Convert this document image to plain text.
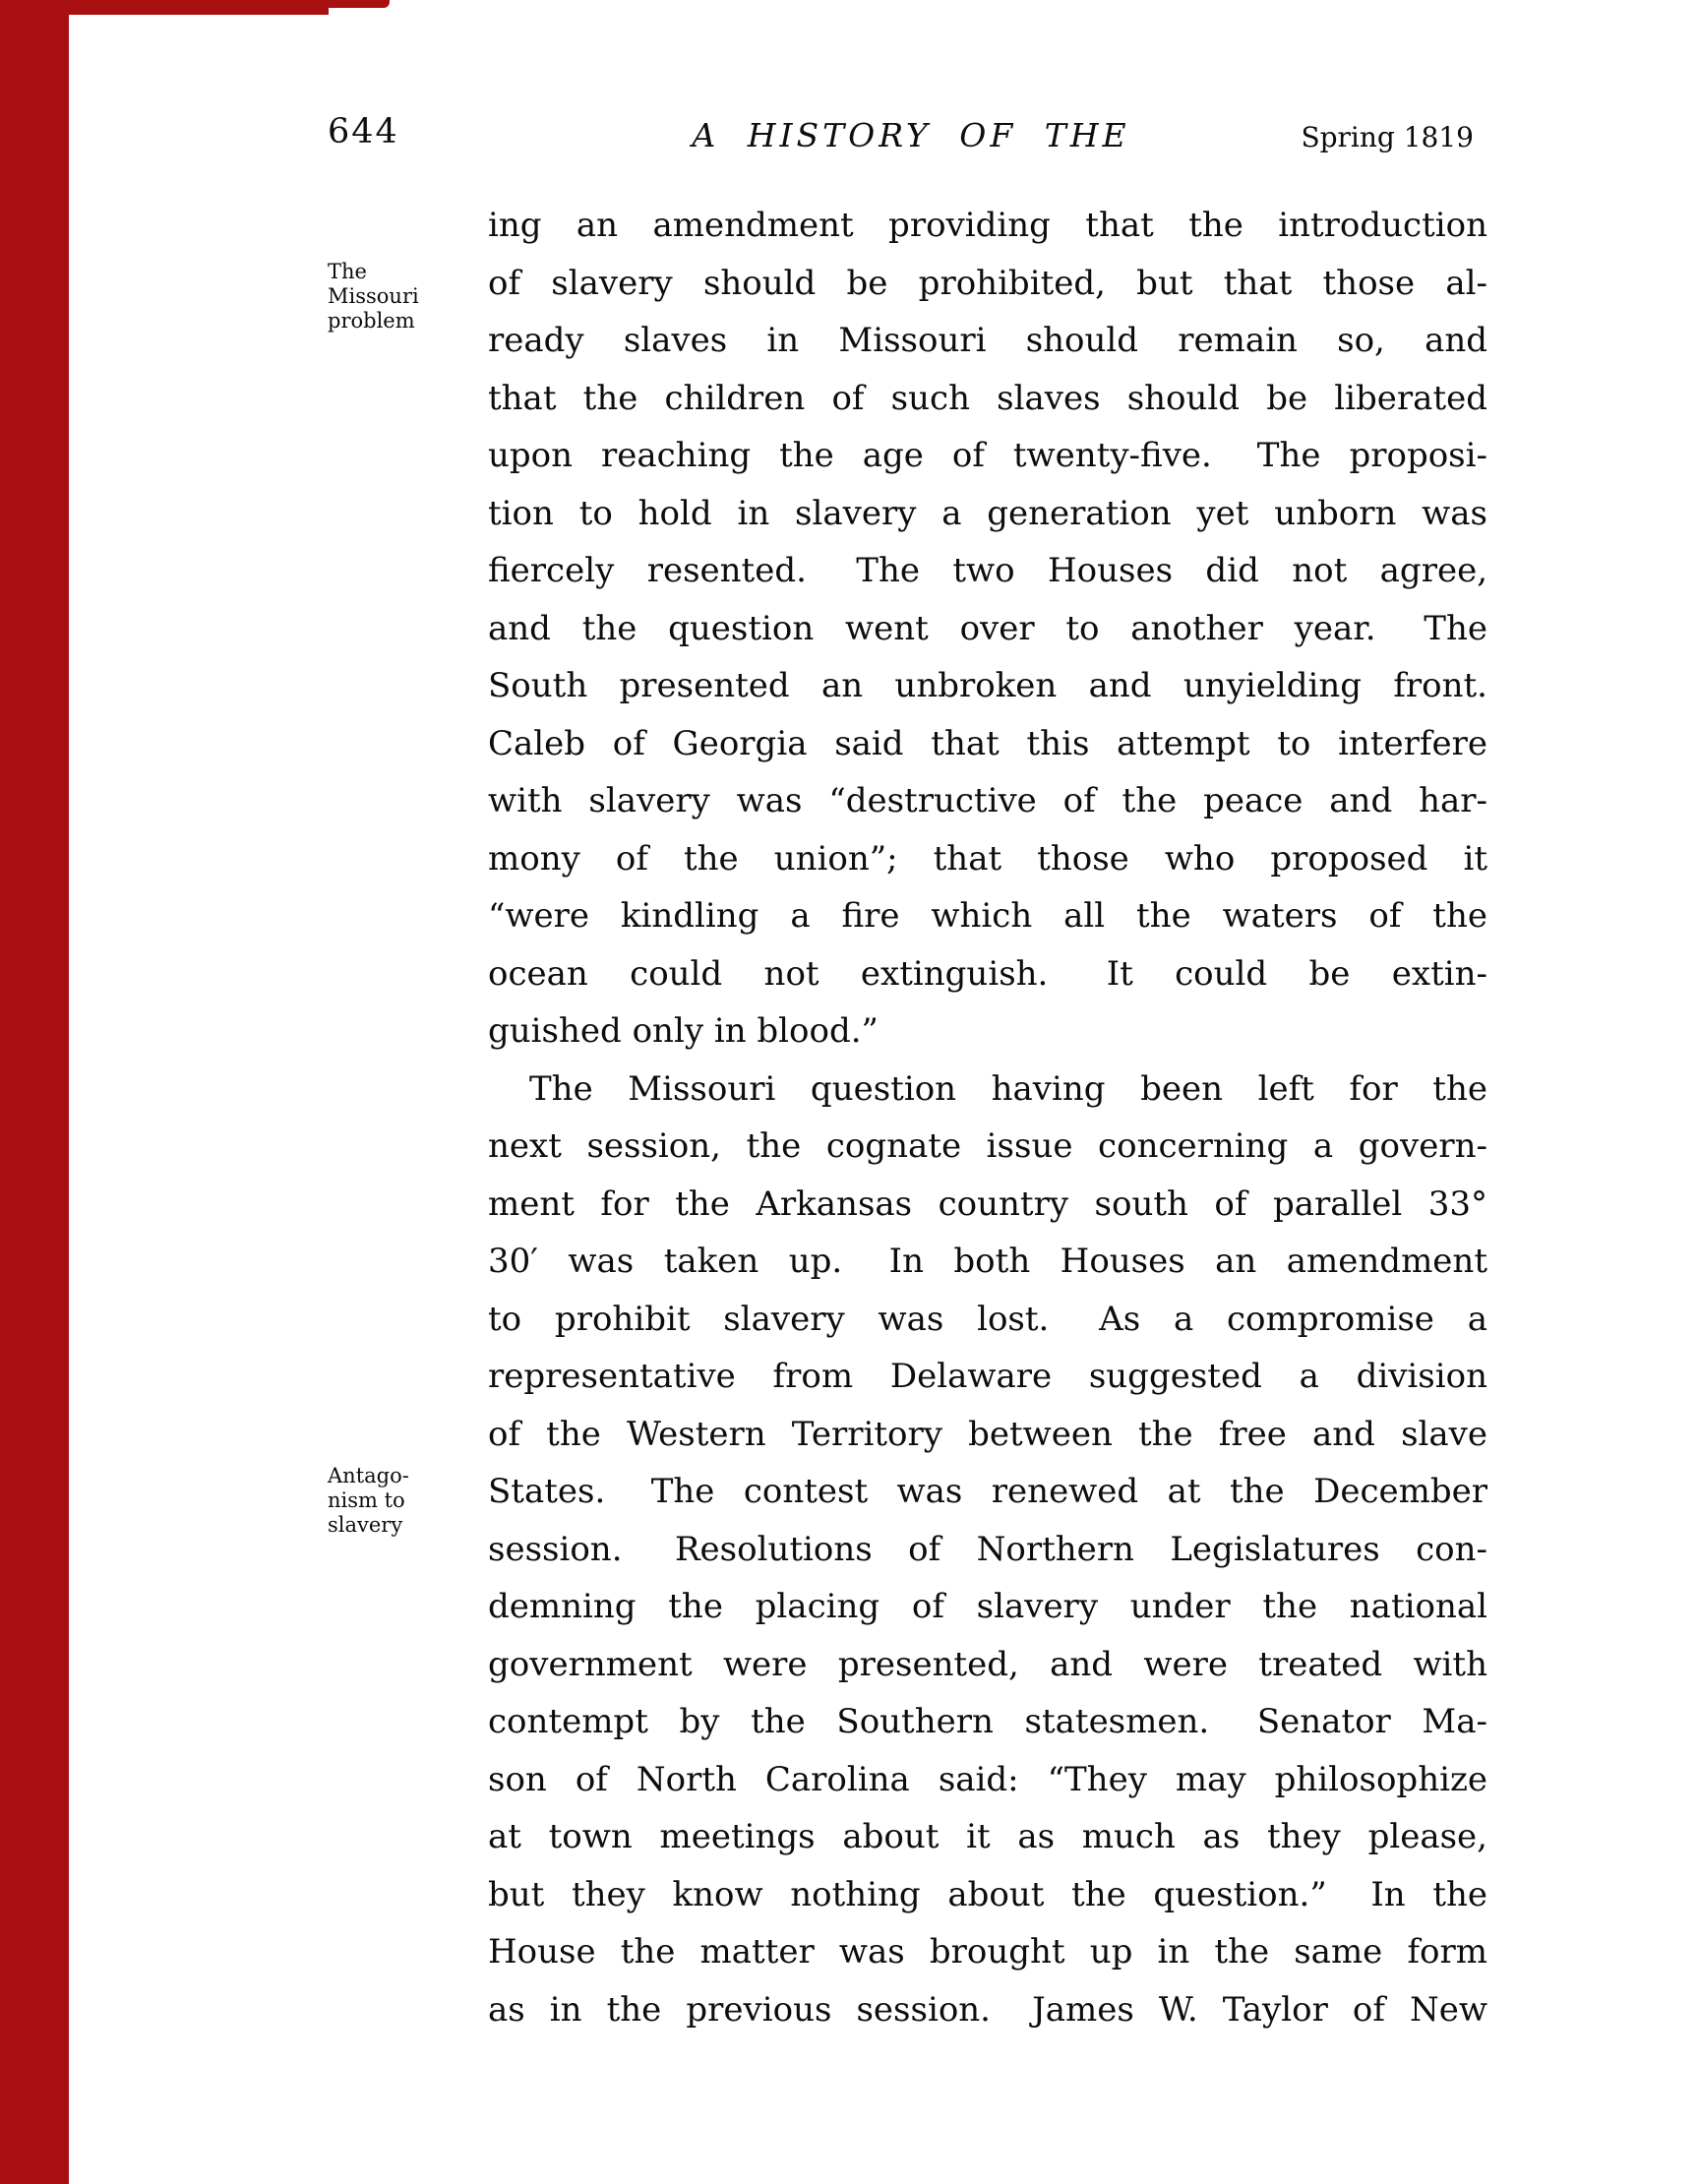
644	A HISTORY OF THE	Spring 1819
The
Missouri
problem
Antago-
nism to
slavery
ing an amendment providing that the introduction
of slavery should be prohibited, but that those al-
ready slaves in Missouri should remain so, and
that the children of such slaves should be liberated
upon reaching the age of twenty-five.  The proposi-
tion to hold in slavery a generation yet unborn was
fiercely resented.  The two Houses did not agree,
and the question went over to another year.  The
South presented an unbroken and unyielding front.
Caleb of Georgia said that this attempt to interfere
with slavery was “destructive of the peace and har-
mony of the union”; that those who proposed it
“were kindling a fire which all the waters of the
ocean could not extinguish.  It could be extin-
guished only in blood.”
The Missouri question having been left for the
next session, the cognate issue concerning a govern-
ment for the Arkansas country south of parallel 33°
30′ was taken up.  In both Houses an amendment
to prohibit slavery was lost.  As a compromise a
representative from Delaware suggested a division
of the Western Territory between the free and slave
States.  The contest was renewed at the December
session.  Resolutions of Northern Legislatures con-
demning the placing of slavery under the national
government were presented, and were treated with
contempt by the Southern statesmen.  Senator Ma-
son of North Carolina said: “They may philosophize
at town meetings about it as much as they please,
but they know nothing about the question.”  In the
House the matter was brought up in the same form
as in the previous session.  James W. Taylor of New
